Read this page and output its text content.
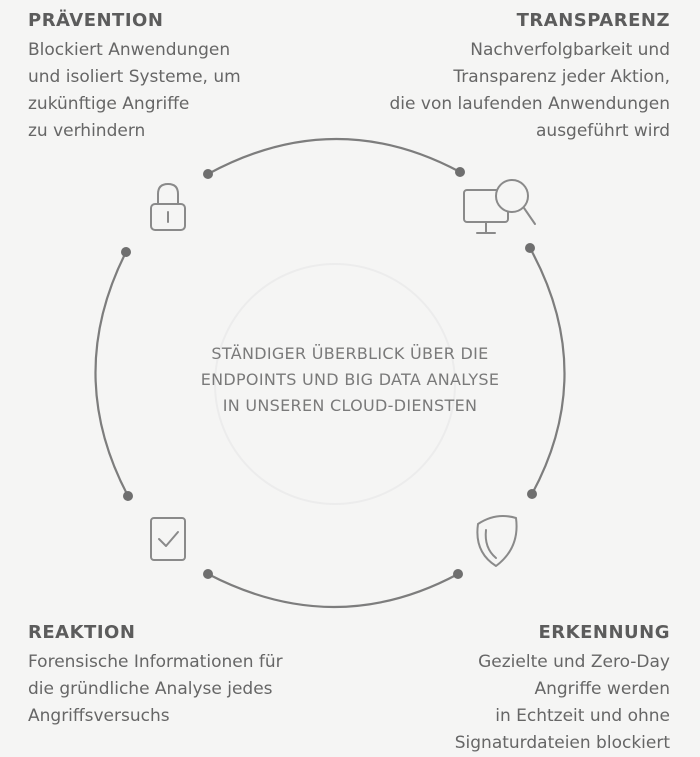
PRÄVENTION

Blockiert Anwendungen
und isoliert Systeme, um
zukünftige Angriffe
zu verhindern

TRANSPARENZ

Nachverfolgbarkeit und
Transparenz jeder Aktion,
die von laufenden Anwendungen
ausgeführt wird

REAKTION

Forensische Informationen für
die gründliche Analyse jedes
Angriffsversuchs

ERKENNUNG

Gezielte und Zero-Day
Angriffe werden
in Echtzeit und ohne
Signaturdateien blockiert

STÄNDIGER ÜBERBLICK ÜBER DIE
ENDPOINTS UND BIG DATA ANALYSE
IN UNSEREN CLOUD-DIENSTEN
